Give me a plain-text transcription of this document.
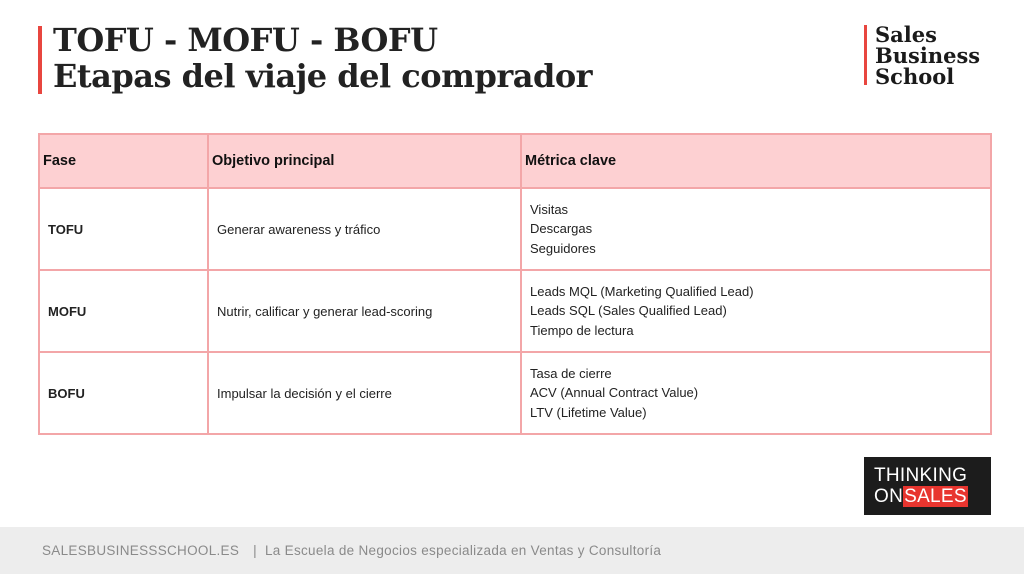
TOFU - MOFU - BOFU
Etapas del viaje del comprador
Sales
Business
School
Fase	Objetivo principal	Métrica clave
TOFU	Generar awareness y tráfico	Visitas
Descargas
Seguidores

MOFU	Nutrir, calificar y generar lead-scoring	Leads MQL (Marketing Qualified Lead)
Leads SQL (Sales Qualified Lead)
Tiempo de lectura

BOFU	Impulsar la decisión y el cierre	Tasa de cierre
ACV (Annual Contract Value)
LTV (Lifetime Value)
THINKING
ONSALES
SALESBUSINESSSCHOOL.ES | La Escuela de Negocios especializada en Ventas y Consultoría
